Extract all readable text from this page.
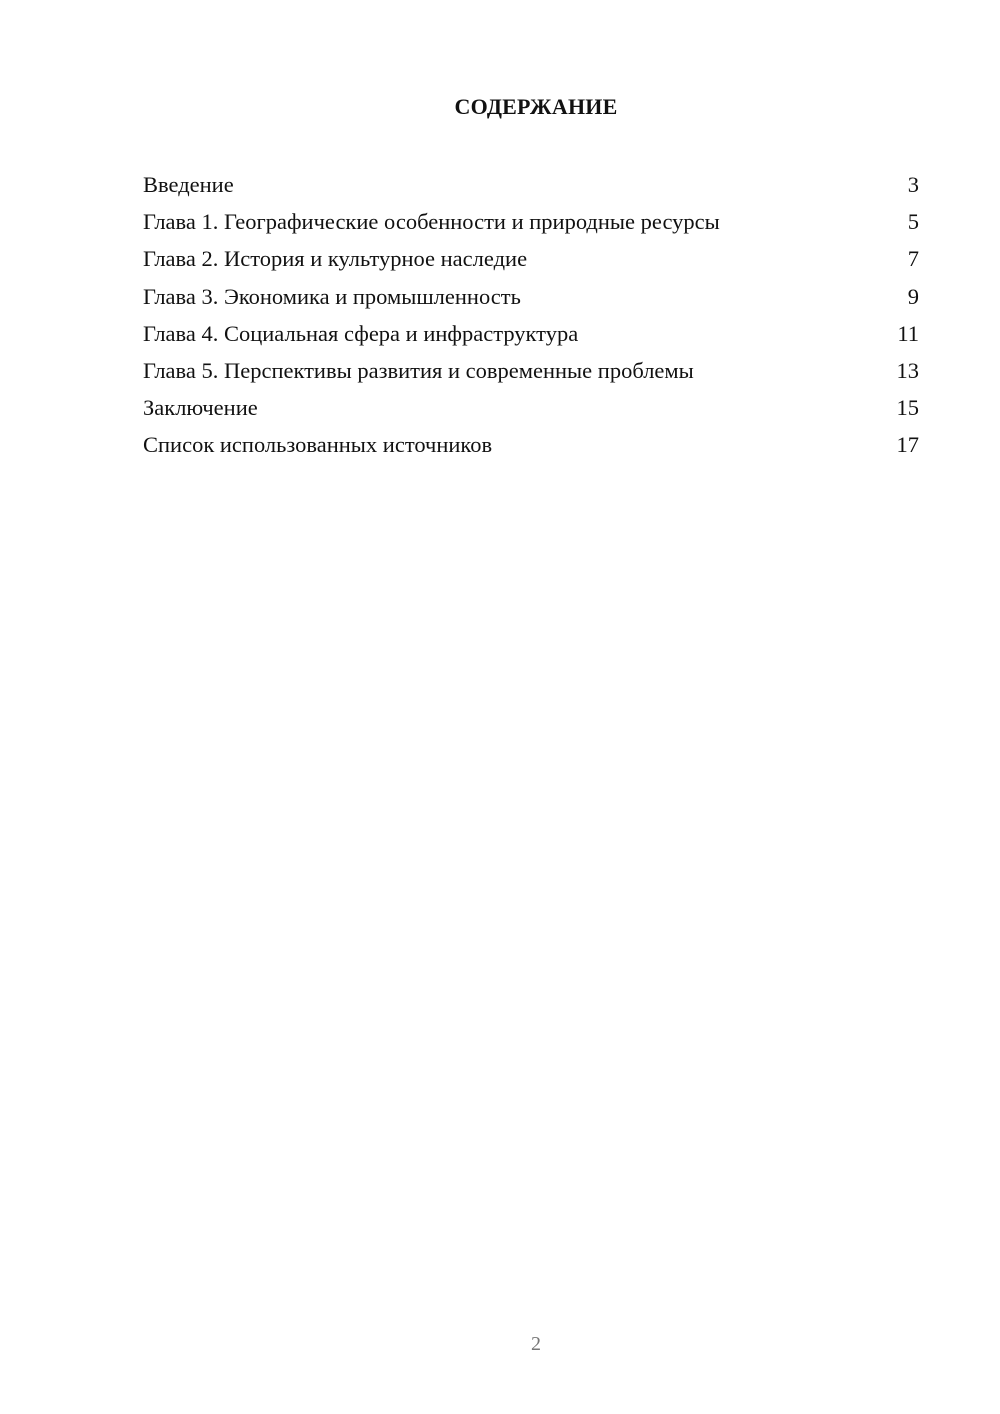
СОДЕРЖАНИЕ
Введение	3
Глава 1. Географические особенности и природные ресурсы	5
Глава 2. История и культурное наследие	7
Глава 3. Экономика и промышленность	9
Глава 4. Социальная сфера и инфраструктура	11
Глава 5. Перспективы развития и современные проблемы	13
Заключение	15
Список использованных источников	17
2
